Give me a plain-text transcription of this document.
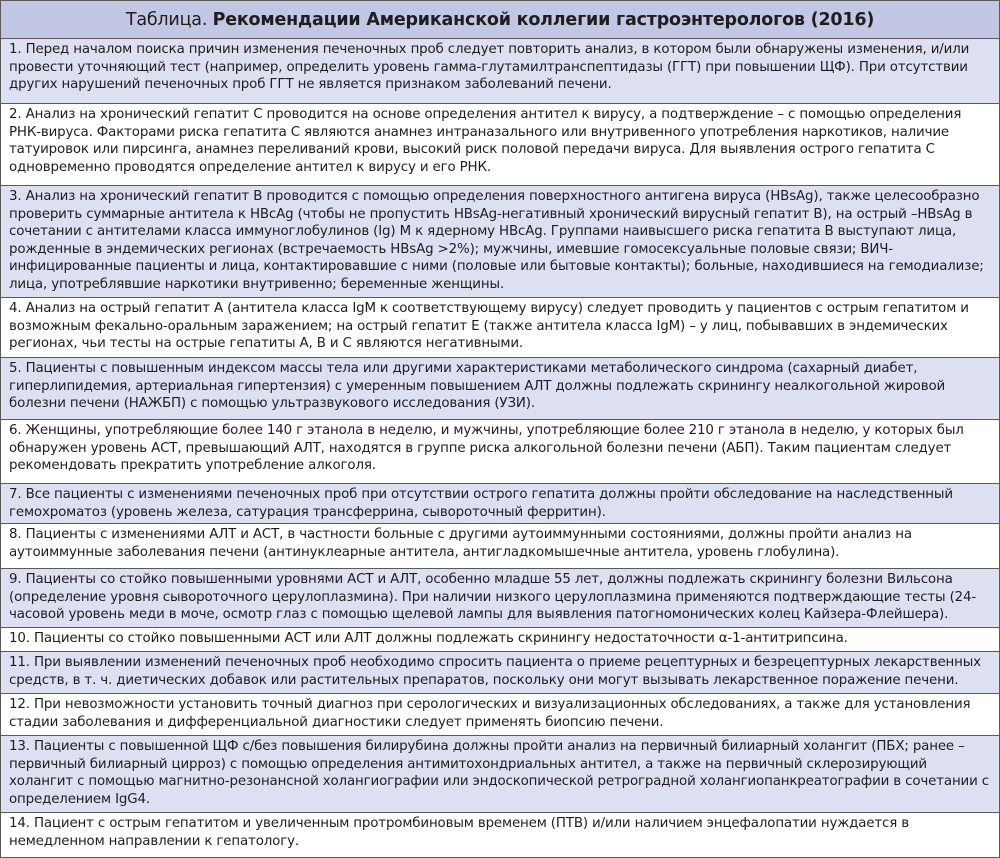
Таблица.
Рекомендации Американской коллегии гастроэнтерологов (2016)
1. Перед началом поиска причин изменения печеночных проб следует повторить анализ, в котором были обнаружены изменения, и/или провести уточняющий тест (например, определить уровень гамма-глутамилтранспептидазы (ГГТ) при повышении ЩФ). При отсутствии других нарушений печеночных проб ГГТ не является признаком заболеваний печени.
2. Анализ на хронический гепатит С проводится на основе определения антител к вирусу, а подтверждение – с помощью определения РНК-вируса. Факторами риска гепатита С являются анамнез интраназального или внутривенного употребления наркотиков, наличие татуировок или пирсинга, анамнез переливаний крови, высокий риск половой передачи вируса. Для выявления острого гепатита С одновременно проводятся определение антител к вирусу и его РНК.
3. Анализ на хронический гепатит В проводится с помощью определения поверхностного антигена вируса (HBsAg), также целесообразно проверить суммарные антитела к HBcAg (чтобы не пропустить HBsAg-негативный хронический вирусный гепатит В), на острый –HBsAg в сочетании с антителами класса иммуноглобулинов (Ig) М к ядерному HBcAg. Группами наивысшего риска гепатита В выступают лица, рожденные в эндемических регионах (встречаемость HBsAg >2%); мужчины, имевшие гомосексуальные половые связи; ВИЧ-инфицированные пациенты и лица, контактировавшие с ними (половые или бытовые контакты); больные, находившиеся на гемодиализе; лица, употреблявшие наркотики внутривенно; беременные женщины.
4. Анализ на острый гепатит А (антитела класса IgM к соответствующему вирусу) следует проводить у пациентов с острым гепатитом и возможным фекально-оральным заражением; на острый гепатит Е (также антитела класса IgM) – у лиц, побывавших в эндемических регионах, чьи тесты на острые гепатиты А, В и С являются негативными.
5. Пациенты с повышенным индексом массы тела или другими характеристиками метаболического синдрома (сахарный диабет, гиперлипидемия, артериальная гипертензия) с умеренным повышением АЛТ должны подлежать скринингу неалкогольной жировой болезни печени (НАЖБП) с помощью ультразвукового исследования (УЗИ).
6. Женщины, употребляющие более 140 г этанола в неделю, и мужчины, употребляющие более 210 г этанола в неделю, у которых был обнаружен уровень АСТ, превышающий АЛТ, находятся в группе риска алкогольной болезни печени (АБП). Таким пациентам следует рекомендовать прекратить употребление алкоголя.
7. Все пациенты с изменениями печеночных проб при отсутствии острого гепатита должны пройти обследование на наследственный гемохроматоз (уровень железа, сатурация трансферрина, сывороточный ферритин).
8. Пациенты с изменениями АЛТ и АСТ, в частности больные с другими аутоиммунными состояниями, должны пройти анализ на аутоиммунные заболевания печени (антинуклеарные антитела, антигладкомышечные антитела, уровень глобулина).
9. Пациенты со стойко повышенными уровнями АСТ и АЛТ, особенно младше 55 лет, должны подлежать скринингу болезни Вильсона (определение уровня сывороточного церулоплазмина). При наличии низкого церулоплазмина применяются подтверждающие тесты (24-часовой уровень меди в моче, осмотр глаз с помощью щелевой лампы для выявления патогномонических колец Кайзера-Флейшера).
10. Пациенты со стойко повышенными АСТ или АЛТ должны подлежать скринингу недостаточности α-1-антитрипсина.
11. При выявлении изменений печеночных проб необходимо спросить пациента о приеме рецептурных и безрецептурных лекарственных средств, в т. ч. диетических добавок или растительных препаратов, поскольку они могут вызывать лекарственное поражение печени.
12. При невозможности установить точный диагноз при серологических и визуализационных обследованиях, а также для установления стадии заболевания и дифференциальной диагностики следует применять биопсию печени.
13. Пациенты с повышенной ЩФ с/без повышения билирубина должны пройти анализ на первичный билиарный холангит (ПБХ; ранее – первичный билиарный цирроз) с помощью определения антимитохондриальных антител, а также на первичный склерозирующий холангит с помощью магнитно-резонансной холангиографии или эндоскопической ретроградной холангиопанкреатографии в сочетании с определением IgG4.
14. Пациент с острым гепатитом и увеличенным протромбиновым временем (ПТВ) и/или наличием энцефалопатии нуждается в немедленном направлении к гепатологу.
